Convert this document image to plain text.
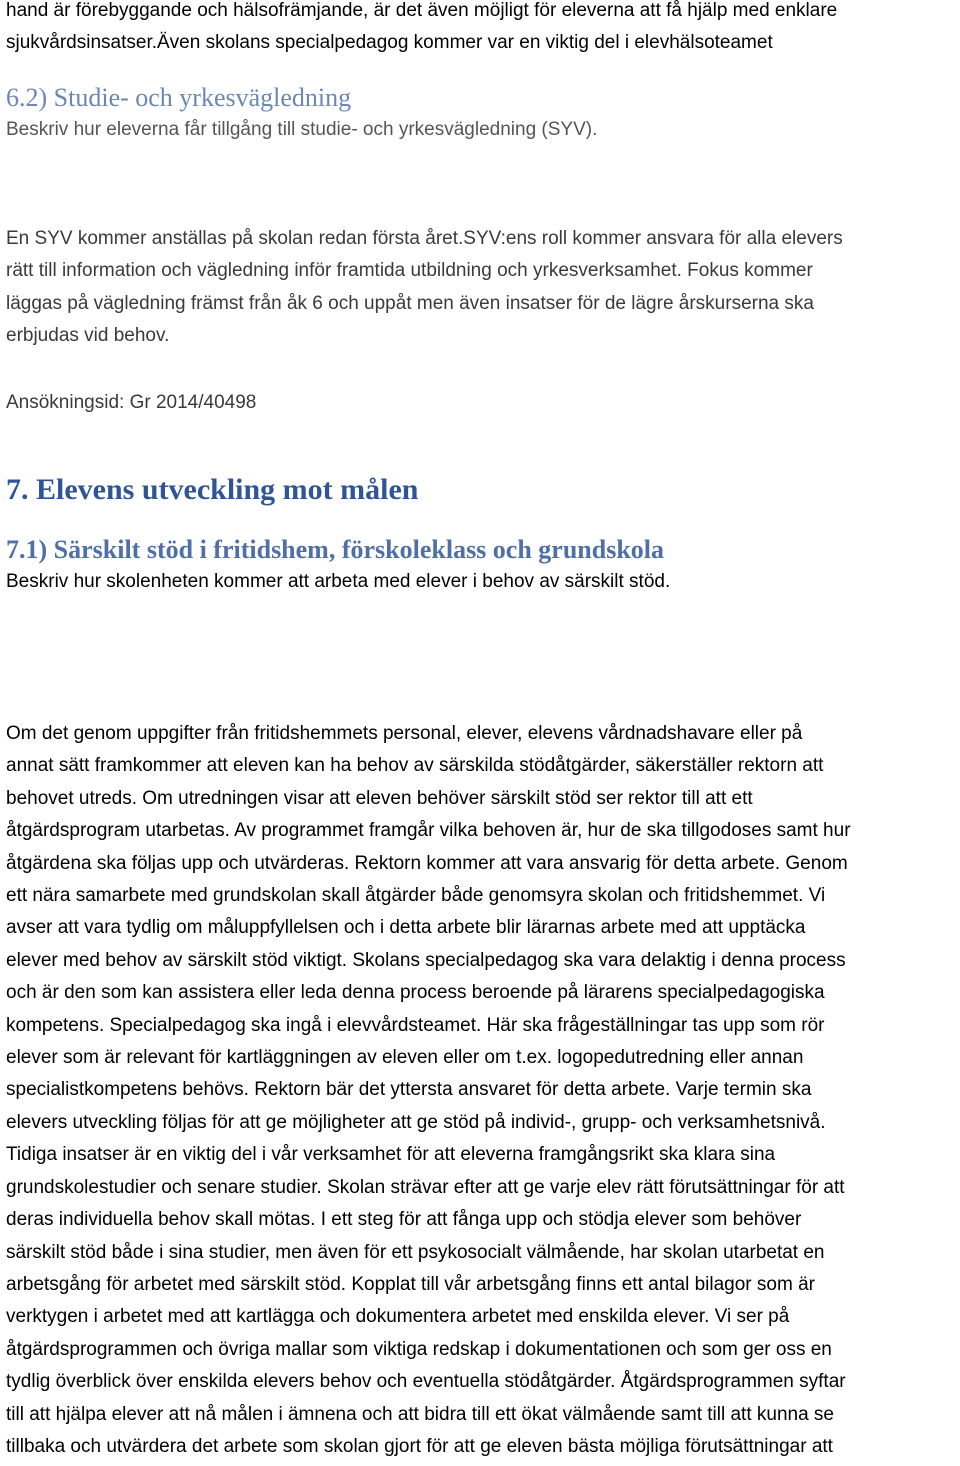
hand är förebyggande och hälsofrämjande, är det även möjligt för eleverna att få hjälp med enklare
sjukvårdsinsatser.Även skolans specialpedagog kommer var en viktig del i elevhälsoteamet

6.2) Studie- och yrkesvägledning

Beskriv hur eleverna får tillgång till studie- och yrkesvägledning (SYV).

En SYV kommer anställas på skolan redan första året.SYV:ens roll kommer ansvara för alla elevers
rätt till information och vägledning inför framtida utbildning och yrkesverksamhet. Fokus kommer
läggas på vägledning främst från åk 6 och uppåt men även insatser för de lägre årskurserna ska
erbjudas vid behov.

Ansökningsid: Gr 2014/40498

7. Elevens utveckling mot målen
7.1) Särskilt stöd i fritidshem, förskoleklass och grundskola

Beskriv hur skolenheten kommer att arbeta med elever i behov av särskilt stöd.

Om det genom uppgifter från fritidshemmets personal, elever, elevens vårdnadshavare eller på
annat sätt framkommer att eleven kan ha behov av särskilda stödåtgärder, säkerställer rektorn att
behovet utreds. Om utredningen visar att eleven behöver särskilt stöd ser rektor till att ett
åtgärdsprogram utarbetas. Av programmet framgår vilka behoven är, hur de ska tillgodoses samt hur
åtgärdena ska följas upp och utvärderas. Rektorn kommer att vara ansvarig för detta arbete. Genom
ett nära samarbete med grundskolan skall åtgärder både genomsyra skolan och fritidshemmet. Vi
avser att vara tydlig om måluppfyllelsen och i detta arbete blir lärarnas arbete med att upptäcka
elever med behov av särskilt stöd viktigt. Skolans specialpedagog ska vara delaktig i denna process
och är den som kan assistera eller leda denna process beroende på lärarens specialpedagogiska
kompetens. Specialpedagog ska ingå i elevvårdsteamet. Här ska frågeställningar tas upp som rör
elever som är relevant för kartläggningen av eleven eller om t.ex. logopedutredning eller annan
specialistkompetens behövs. Rektorn bär det yttersta ansvaret för detta arbete. Varje termin ska
elevers utveckling följas för att ge möjligheter att ge stöd på individ-, grupp- och verksamhetsnivå.
Tidiga insatser är en viktig del i vår verksamhet för att eleverna framgångsrikt ska klara sina
grundskolestudier och senare studier. Skolan strävar efter att ge varje elev rätt förutsättningar för att
deras individuella behov skall mötas. I ett steg för att fånga upp och stödja elever som behöver
särskilt stöd både i sina studier, men även för ett psykosocialt välmående, har skolan utarbetat en
arbetsgång för arbetet med särskilt stöd. Kopplat till vår arbetsgång finns ett antal bilagor som är
verktygen i arbetet med att kartlägga och dokumentera arbetet med enskilda elever. Vi ser på
åtgärdsprogrammen och övriga mallar som viktiga redskap i dokumentationen och som ger oss en
tydlig överblick över enskilda elevers behov och eventuella stödåtgärder. Åtgärdsprogrammen syftar
till att hjälpa elever att nå målen i ämnena och att bidra till ett ökat välmående samt till att kunna se
tillbaka och utvärdera det arbete som skolan gjort för att ge eleven bästa möjliga förutsättningar att
